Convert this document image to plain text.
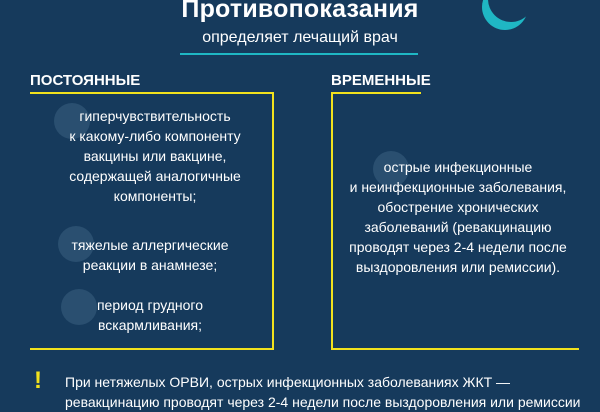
Противопоказания
определяет лечащий врач
ПОСТОЯННЫЕ
гиперчувствительность
к какому-либо компоненту
вакцины или вакцине,
содержащей аналогичные
компоненты;
тяжелые аллергические
реакции в анамнезе;
период грудного
вскармливания;
ВРЕМЕННЫЕ
острые инфекционные
и неинфекционные заболевания,
обострение хронических
заболеваний (ревакцинацию
проводят через 2-4 недели после
выздоровления или ремиссии).
! При нетяжелых ОРВИ, острых инфекционных заболеваниях ЖКТ —
ревакцинацию проводят через 2-4 недели после выздоровления или ремиссии
